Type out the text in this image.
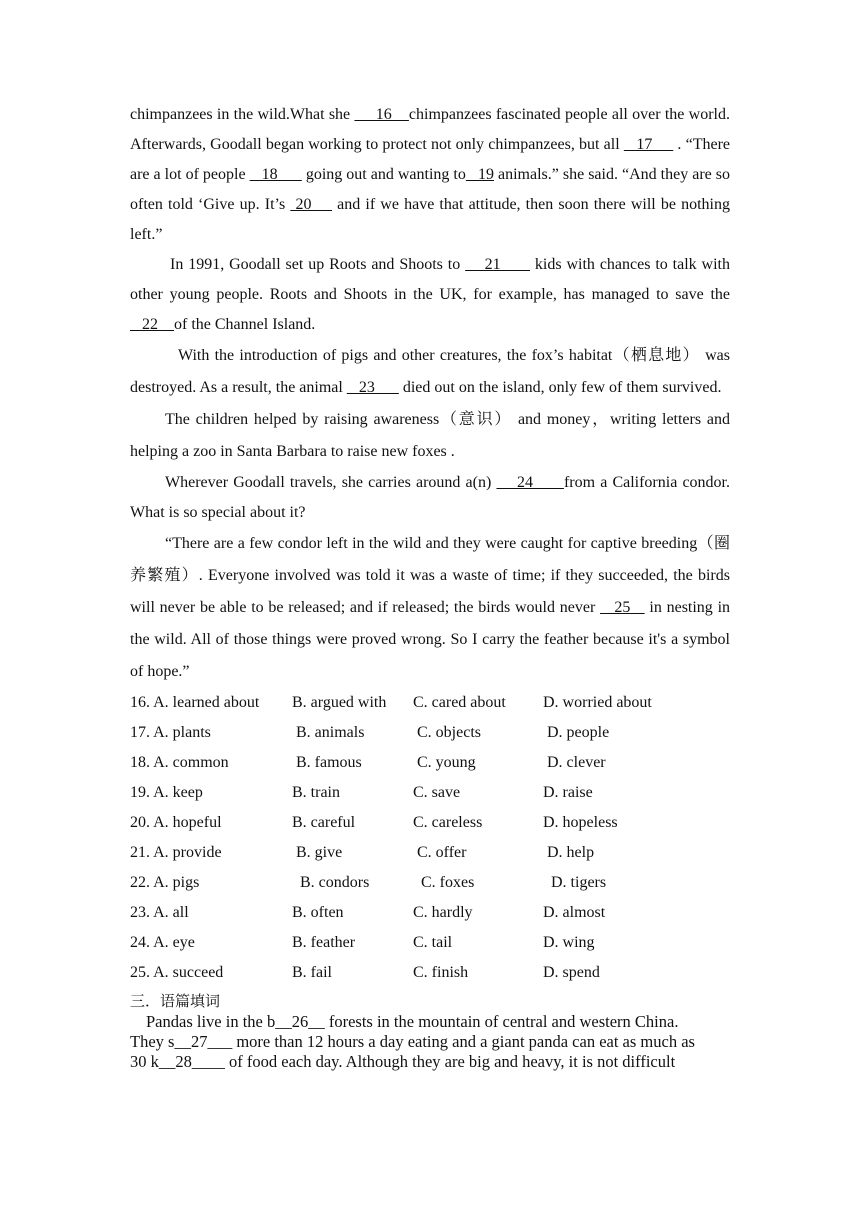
chimpanzees in the wild.What she      16    chimpanzees fascinated people all over the world. Afterwards, Goodall began working to protect not only chimpanzees, but all    17      . “There are a lot of people    18       going out and wanting to   19 animals.” she said. “And they are so often told ‘Give up. It’s  20     and if we have that attitude, then soon there will be nothing left.”

In 1991, Goodall set up Roots and Shoots to     21       kids with chances to talk with other young people. Roots and Shoots in the UK, for example, has managed to save the   22    of the Channel Island.

With the introduction of pigs and other creatures, the fox’s habitat（栖息地） was destroyed. As a result, the animal    23       died out on the island, only few of them survived.

The children helped by raising awareness（意识） and money，writing letters and helping a zoo in Santa Barbara to raise new foxes .

Wherever Goodall travels, she carries around a(n)     24      from a California condor. What is so special about it?

“There are a few condor left in the wild and they were caught for captive breeding（圈养繁殖）. Everyone involved was told it was a waste of time; if they succeeded, the birds will never be able to be released; and if released; the birds would never    25    in nesting in the wild. All of those things were proved wrong. So I carry the feather because it's a symbol of hope.”

16. A. learned about	B. argued with	C. cared about	D. worried about
17. A. plants	B. animals	C. objects	D. people
18. A. common	B. famous	C. young	D. clever
19. A. keep	B. train	C. save	D. raise
20. A. hopeful	B. careful	C. careless	D. hopeless
21. A. provide	B. give	C. offer	D. help
22. A. pigs	B. condors	C. foxes	D. tigers
23. A. all	B. often	C. hardly	D. almost
24. A. eye	B. feather	C. tail	D. wing
25. A. succeed	B. fail	C. finish	D. spend
三．语篇填词

Pandas live in the b__26__ forests in the mountain of central and western China.

They s__27___ more than 12 hours a day eating and a giant panda can eat as much as

30 k__28____ of food each day. Although they are big and heavy, it is not difficult
